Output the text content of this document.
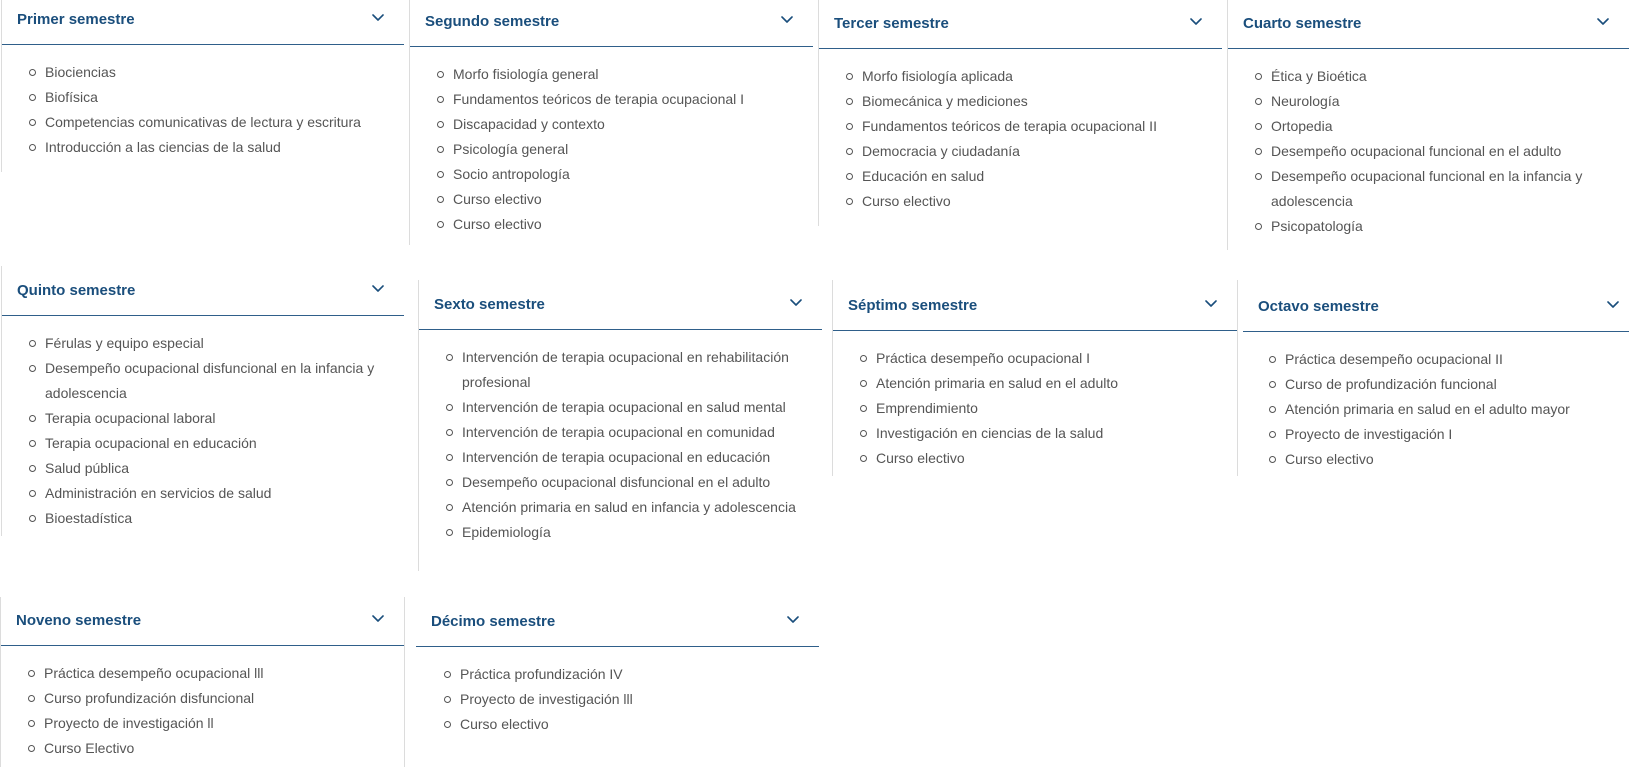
Primer semestre
Biociencias
Biofísica
Competencias comunicativas de lectura y escritura
Introducción a las ciencias de la salud
Segundo semestre
Morfo fisiología general
Fundamentos teóricos de terapia ocupacional I
Discapacidad y contexto
Psicología general
Socio antropología
Curso electivo
Curso electivo
Tercer semestre
Morfo fisiología aplicada
Biomecánica y mediciones
Fundamentos teóricos de terapia ocupacional II
Democracia y ciudadanía
Educación en salud
Curso electivo
Cuarto semestre
Ética y Bioética
Neurología
Ortopedia
Desempeño ocupacional funcional en el adulto
Desempeño ocupacional funcional en la infancia y adolescencia
Psicopatología
Quinto semestre
Férulas y equipo especial
Desempeño ocupacional disfuncional en la infancia y adolescencia
Terapia ocupacional laboral
Terapia ocupacional en educación
Salud pública
Administración en servicios de salud
Bioestadística
Sexto semestre
Intervención de terapia ocupacional en rehabilitación profesional
Intervención de terapia ocupacional en salud mental
Intervención de terapia ocupacional en comunidad
Intervención de terapia ocupacional en educación
Desempeño ocupacional disfuncional en el adulto
Atención primaria en salud en infancia y adolescencia
Epidemiología
Séptimo semestre
Práctica desempeño ocupacional I
Atención primaria en salud en el adulto
Emprendimiento
Investigación en ciencias de la salud
Curso electivo
Octavo semestre
Práctica desempeño ocupacional II
Curso de profundización funcional
Atención primaria en salud en el adulto mayor
Proyecto de investigación I
Curso electivo
Noveno semestre
Práctica desempeño ocupacional lll
Curso profundización disfuncional
Proyecto de investigación ll
Curso Electivo
Décimo semestre
Práctica profundización IV
Proyecto de investigación lll
Curso electivo
